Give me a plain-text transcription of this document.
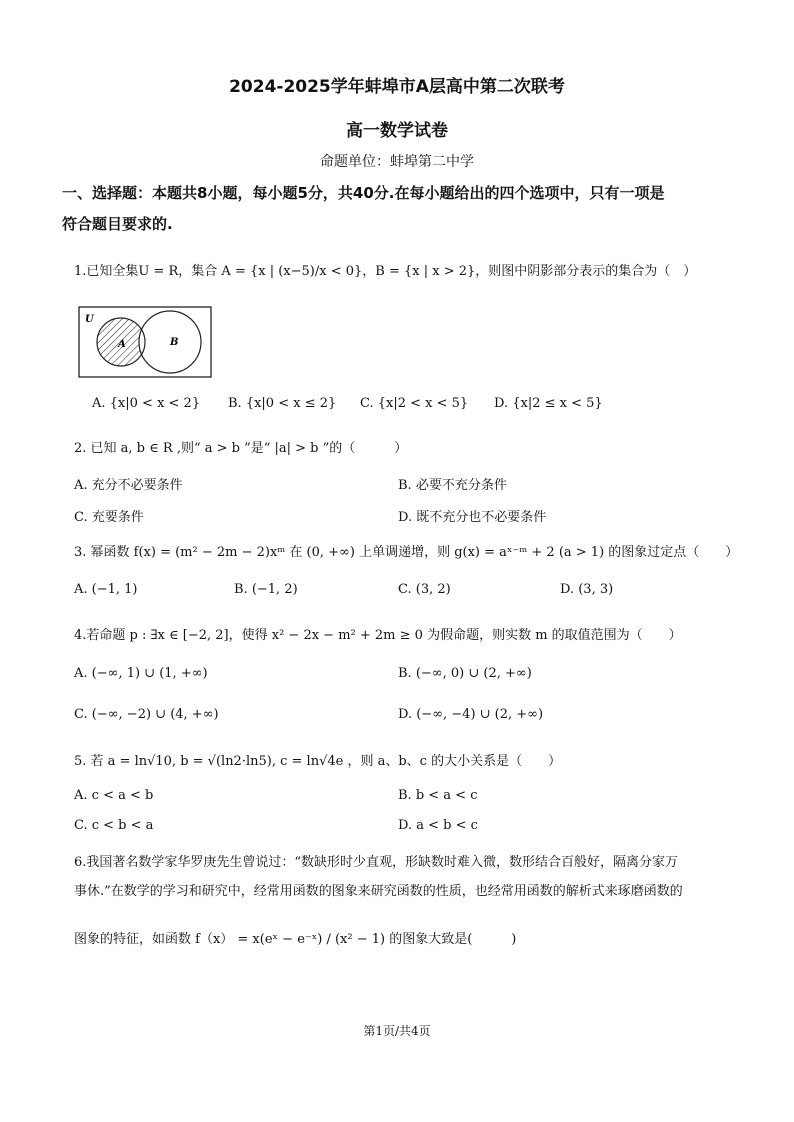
2024-2025学年蚌埠市A层高中第二次联考
高一数学试卷
命题单位：蚌埠第二中学
一、选择题：本题共8小题，每小题5分，共40分.在每小题给出的四个选项中，只有一项是
符合题目要求的.
1.已知全集U = R，集合 A = {x | (x−5)/x < 0}，B = {x | x > 2}，则图中阴影部分表示的集合为（　）
U
A	B
A. {x|0 < x < 2} B. {x|0 < x ≤ 2} C. {x|2 < x < 5} D. {x|2 ≤ x < 5}
2. 已知 a, b ∈ R ,则“ a > b ”是“ |a| > b ”的（　　　）
A. 充分不必要条件	B. 必要不充分条件
C. 充要条件	D. 既不充分也不必要条件
3. 幂函数 f(x) = (m² − 2m − 2)xᵐ 在 (0, +∞) 上单调递增，则 g(x) = aˣ⁻ᵐ + 2 (a > 1) 的图象过定点（　　）
A. (−1, 1)	B. (−1, 2)	C. (3, 2)	D. (3, 3)
4.若命题 p : ∃x ∈ [−2, 2]，使得 x² − 2x − m² + 2m ≥ 0 为假命题，则实数 m 的取值范围为（　　）
A. (−∞, 1) ∪ (1, +∞)	B. (−∞, 0) ∪ (2, +∞)
C. (−∞, −2) ∪ (4, +∞)	D. (−∞, −4) ∪ (2, +∞)
5. 若 a = ln√10, b = √(ln2·ln5), c = ln√4e ，则 a、b、c 的大小关系是（　　）
A. c < a < b	B. b < a < c
C. c < b < a	D. a < b < c
6.我国著名数学家华罗庚先生曾说过：“数缺形时少直观，形缺数时难入微，数形结合百般好，隔离分家万
事休.”在数学的学习和研究中，经常用函数的图象来研究函数的性质，也经常用函数的解析式来琢磨函数的
图象的特征，如函数 f（x） = x(eˣ − e⁻ˣ) / (x² − 1) 的图象大致是(　　　)
第1页/共4页
